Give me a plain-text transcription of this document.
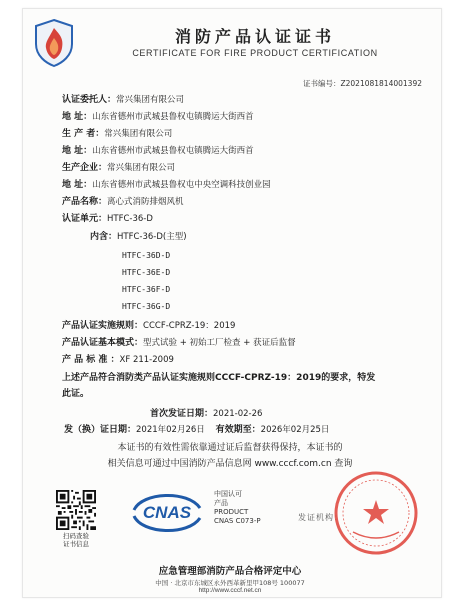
消防产品认证证书
CERTIFICATE FOR FIRE PRODUCT CERTIFICATION
证书编号：Z2021081814001392
认证委托人：常兴集团有限公司
地 址：山东省德州市武城县鲁权屯镇腾运大街西首
生 产 者：常兴集团有限公司
地 址：山东省德州市武城县鲁权屯镇腾运大街西首
生产企业：常兴集团有限公司
地 址：山东省德州市武城县鲁权屯中央空调科技创业园
产品名称：离心式消防排烟风机
认证单元：HTFC-36-D
内含：HTFC-36-D(主型)
HTFC-36D-D
HTFC-36E-D
HTFC-36F-D
HTFC-36G-D
产品认证实施规则：CCCF-CPRZ-19：2019
产品认证基本模式：型式试验 + 初始工厂检查 + 获证后监督
产 品 标 准 ：XF 211-2009
上述产品符合消防类产品认证实施规则CCCF-CPRZ-19：2019的要求，特发
此证。
首次发证日期：2021-02-26
发（换）证日期：2021年02月26日 有效期至：2026年02月25日
本证书的有效性需依靠通过证后监督获得保持，本证书的
相关信息可通过中国消防产品信息网 www.cccf.com.cn 查询
扫码查验
证书信息
CNAS
中国认可
产品
PRODUCT
CNAS C073-P	发证机构：
应急管理部消防产品合格评定中心
中国 · 北京市东城区永外西革新里甲108号 100077
http://www.cccf.net.cn
